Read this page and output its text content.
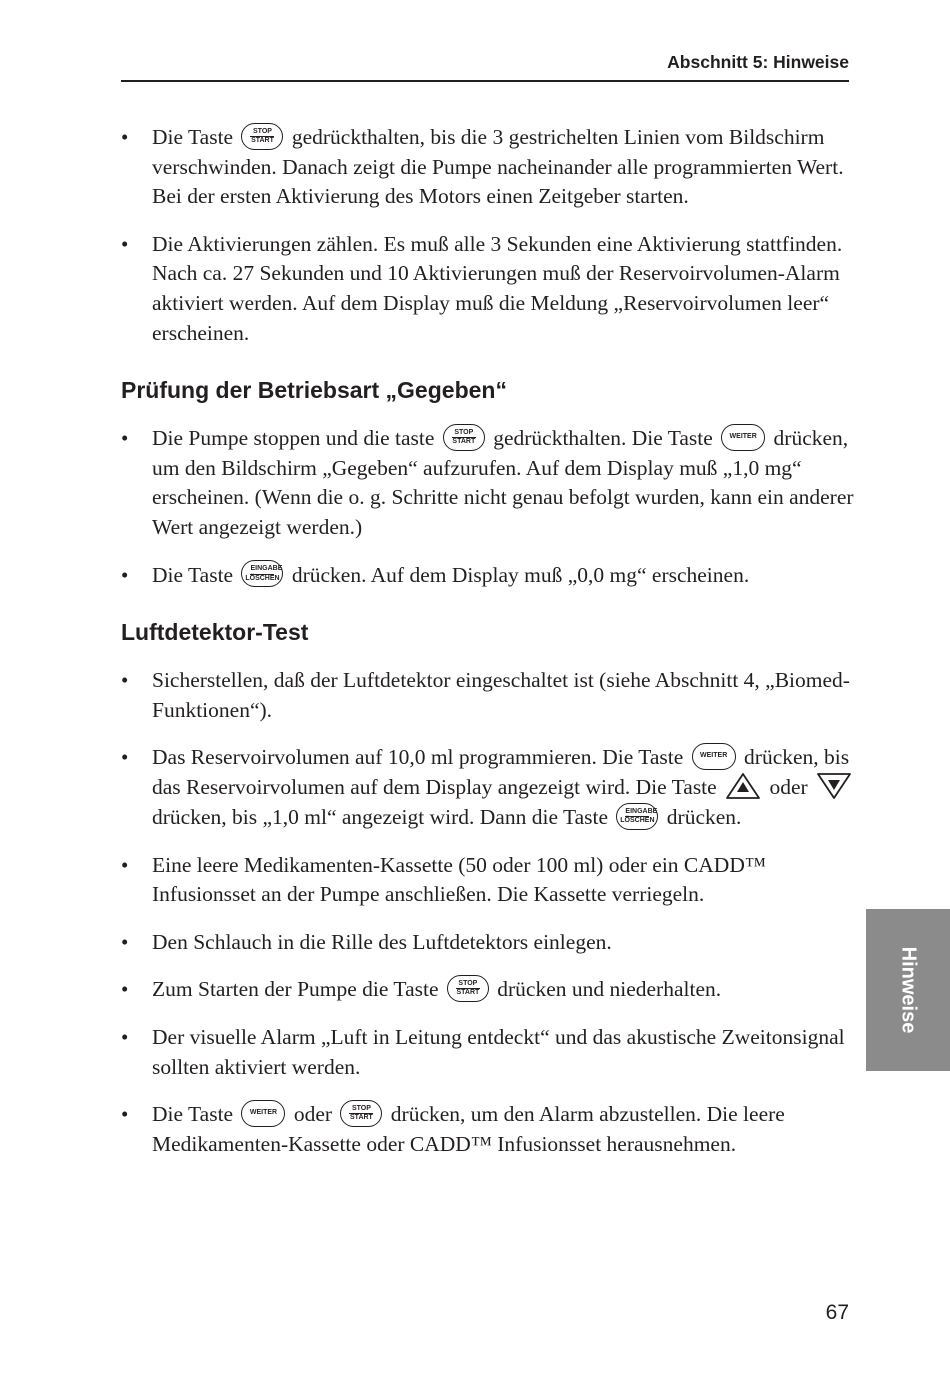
Abschnitt 5: Hinweise
• Die Taste	STOP
START gedrückthalten, bis die 3 gestrichelten Linien vom Bildschirm verschwinden. Danach zeigt die Pumpe nacheinander alle programmierten Wert. Bei der ersten Aktivierung des Motors einen Zeitgeber starten.
• Die Aktivierungen zählen. Es muß alle 3 Sekunden eine Aktivierung stattfinden. Nach ca. 27 Sekunden und 10 Aktivierungen muß der Reservoirvolumen-Alarm aktiviert werden. Auf dem Display muß die Meldung „Reservoirvolumen leer“ erscheinen.
Prüfung der Betriebsart „Gegeben“
• Die Pumpe stoppen und die taste	STOP
START gedrückthalten. Die Taste WEITER drücken, um den Bildschirm „Gegeben“ aufzurufen. Auf dem Display muß „1,0 mg“ erscheinen. (Wenn die o. g. Schritte nicht genau befolgt wurden, kann ein anderer Wert angezeigt werden.)
• Die Taste EINGABE
LÖSCHEN drücken. Auf dem Display muß „0,0 mg“ erscheinen.
Luftdetektor-Test
• Sicherstellen, daß der Luftdetektor eingeschaltet ist (siehe Abschnitt 4, „Biomed-Funktionen“).
• Das Reservoirvolumen auf 10,0 ml programmieren. Die Taste WEITER drücken, bis das Reservoirvolumen auf dem Display angezeigt wird. Die Taste oder
drücken, bis „1,0 ml“ angezeigt wird. Dann die Taste EINGABE
LÖSCHEN drücken.
• Eine leere Medikamenten-Kassette (50 oder 100 ml) oder ein CADD™ Infusionsset an der Pumpe anschließen. Die Kassette verriegeln.
• Den Schlauch in die Rille des Luftdetektors einlegen.
• Zum Starten der Pumpe die Taste	STOP
START drücken und niederhalten.
• Der visuelle Alarm „Luft in Leitung entdeckt“ und das akustische Zweitonsignal sollten aktiviert werden.
• Die Taste WEITER oder	STOP
START drücken, um den Alarm abzustellen. Die leere Medikamenten-Kassette oder CADD™ Infusionsset herausnehmen.
Hinweise
67
